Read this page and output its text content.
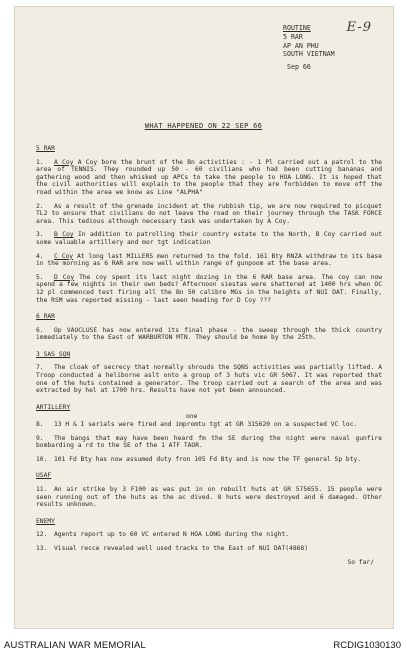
E-9
ROUTINE
5 RAR
AP AN PHU
SOUTH VIETNAM
Sep 66
WHAT HAPPENED ON 22 SEP 66
5 RAR
1. A Coy A Coy bore the brunt of the Bn activities : - 1 Pl carried out a patrol to the area of TENNIS. They rounded up 50 - 60 civilians who had been cutting bananas and gathering wood and then whisked up APCs to take the people to HOA LONG. It is hoped that the civil authorities will explain to the people that they are forbidden to move off the road within the area we know as Line "ALPHA"
2. As a result of the grenade incident at the rubbish tip, we are now required to picquet TL2 to ensure that civilians do not leave the road on their journey through the TASK FORCE area. This tedious although necessary task was undertaken by A Coy.
3. B Coy In addition to patrolling their country estate to the North, B Coy carried out some valuable artillery and mor tgt indication
4. C Coy At long last MILLERS men returned to the fold. 161 Bty RNZA withdraw to its base in the morning as 6 RAR are now well within range of gunpoom at the base area.
5. D Coy The coy spent its last night dozing in the 6 RAR base area. The coy can now spend a few nights in their own beds? Afternoon siestas were shattered at 1400 hrs when OC 12 pl commenced test firing all the Bn 50 calibre MGs in the heights of NUI DAT. Finally, the RSM was reported missing - last seen heading for D Coy ???
6 RAR
6. Op VAUCLUSE has now entered its final phase - the sweep through the thick country immediately to the East of WARBURTON MTN. They should be home by the 25th.
3 SAS SQN
7. The cloak of secrecy that normally shrouds the SQNS activities was partially lifted. A Troop conducted a heliborne aslt onto a group of 3 huts vic GR 5067. It was reported that one of the huts contained a generator. The troop carried out a search of the area and was extracted by hel at 1700 hrs. Results have not yet been announced.
ARTILLERY
one
8. 13 H & I serials were fired and impromtu tgt at GR 315620 on a suspected VC loc.
9. The bangs that may have been heard fm the SE during the night were naval gunfire bombarding a rd to the SE of the 1 ATF TAOR.
10. 101 Fd Bty has now assumed duty fron 105 Fd Bty and is now the TF general Sp bty.
USAF
11. An air strike by 3 F100 as was put in on rebuilt huts at GR 575655. 15 people were seen running out of the huts as the ac dived. 8 huts were destroyed and 6 damaged. Other results unknown.
ENEMY
12. Agents report up to 60 VC entered N HOA LONG during the night.
13. Visual recce revealed well used tracks to the East of NUI DAT(4868)
So far/
AUSTRALIAN WAR MEMORIAL	RCDIG1030130
